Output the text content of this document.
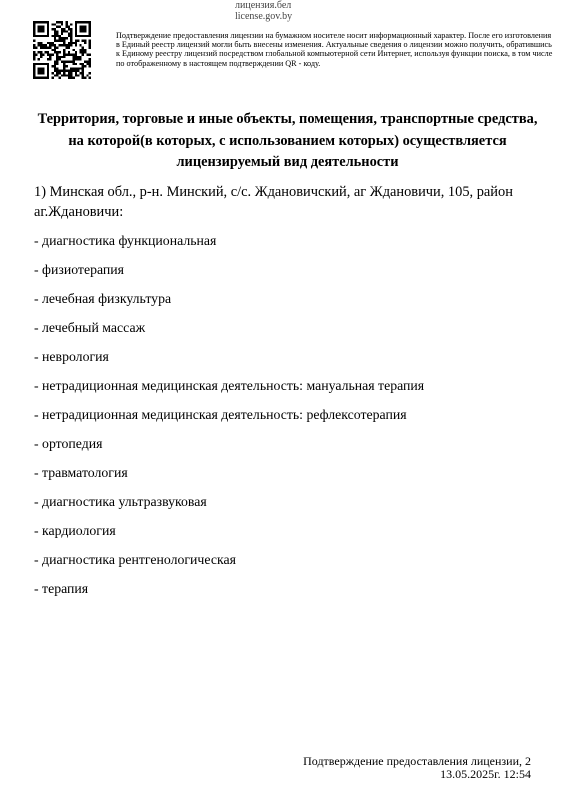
лицензия.бел
license.gov.by
Подтверждение предоставления лицензии на бумажном носителе носит информационный характер. После его изготовления в Единый реестр лицензий могли быть внесены изменения. Актуальные сведения о лицензии можно получить, обратившись к Единому реестру лицензий посредством глобальной компьютерной сети Интернет, используя функции поиска, в том числе по отображенному в настоящем подтверждении QR - коду.
Территория, торговые и иные объекты, помещения, транспортные средства, на которой(в которых, с использованием которых) осуществляется лицензируемый вид деятельности
1) Минская обл., р-н. Минский, с/с. Ждановичский, аг Ждановичи, 105, район аг.Ждановичи:
- диагностика функциональная
- физиотерапия
- лечебная физкультура
- лечебный массаж
- неврология
- нетрадиционная медицинская деятельность: мануальная терапия
- нетрадиционная медицинская деятельность: рефлексотерапия
- ортопедия
- травматология
- диагностика ультразвуковая
- кардиология
- диагностика рентгенологическая
- терапия
Подтверждение предоставления лицензии, 2
13.05.2025г. 12:54
